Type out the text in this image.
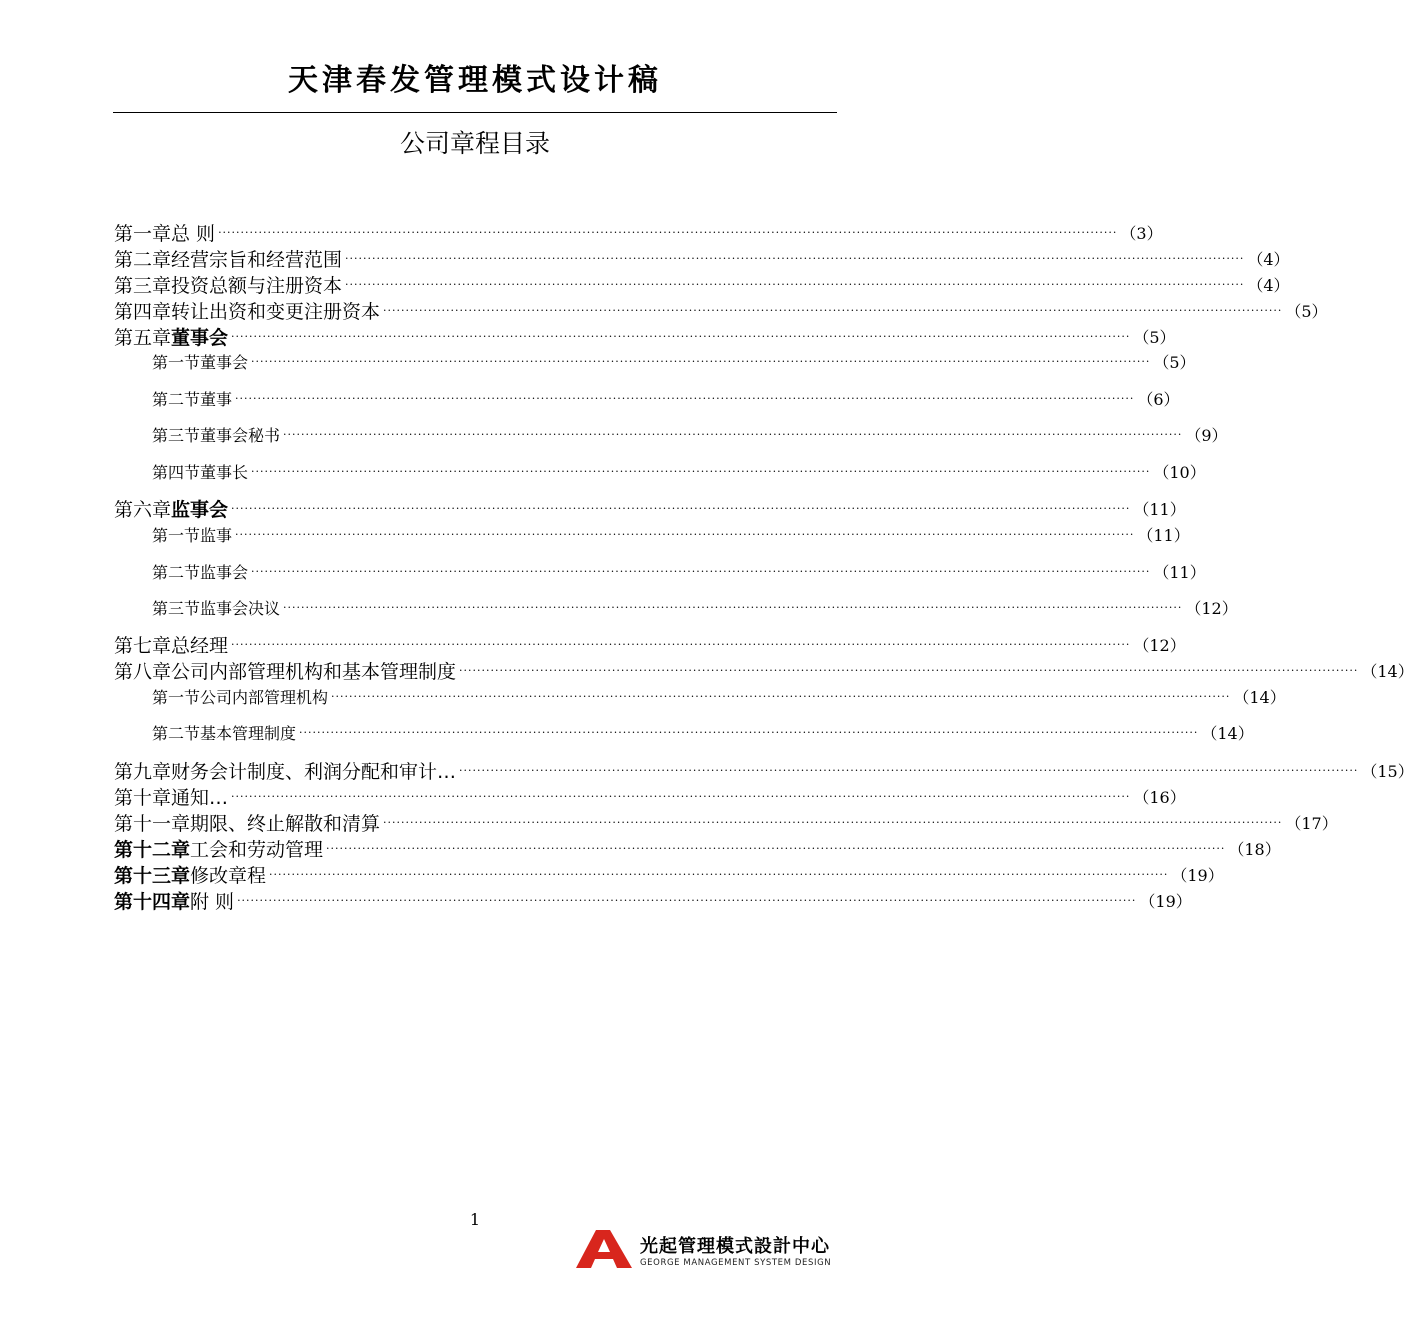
天津春发管理模式设计稿
公司章程目录
第一章 总 则 ········································································································································································································ （3）
第二章 经营宗旨和经营范围 ········································································································································································································ （4）
第三章 投资总额与注册资本 ········································································································································································································ （4）
第四章 转让出资和变更注册资本 ········································································································································································································ （5）
第五章 董事会 ········································································································································································································ （5）
第一节 董事会 ········································································································································································································ （5）
第二节 董事 ········································································································································································································ （6）
第三节 董事会秘书 ········································································································································································································ （9）
第四节 董事长 ········································································································································································································ （10）
第六章 监事会 ········································································································································································································ （11）
第一节 监事 ········································································································································································································ （11）
第二节 监事会 ········································································································································································································ （11）
第三节 监事会决议 ········································································································································································································ （12）
第七章 总经理 ········································································································································································································ （12）
第八章 公司内部管理机构和基本管理制度 ········································································································································································································ （14）
第一节 公司内部管理机构 ········································································································································································································ （14）
第二节 基本管理制度 ········································································································································································································ （14）
第九章 财务会计制度、利润分配和审计… ········································································································································································································ （15）
第十章 通知… ········································································································································································································ （16）
第十一章 期限、终止解散和清算 ········································································································································································································ （17）
第十二章 工会和劳动管理 ········································································································································································································ （18）
第十三章 修改章程 ········································································································································································································ （19）
第十四章 附 则 ········································································································································································································ （19）
1
光起管理模式設計中心
GEORGE MANAGEMENT SYSTEM DESIGN
